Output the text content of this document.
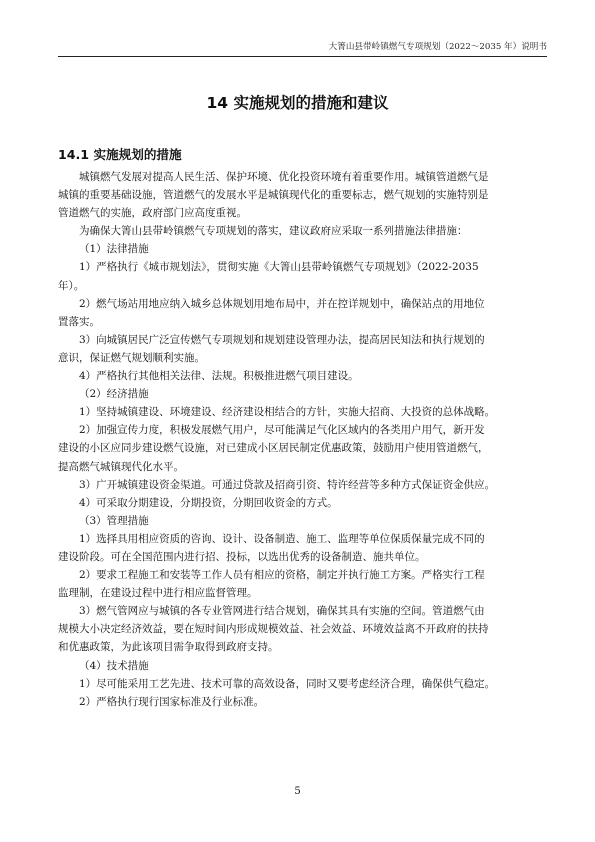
大箐山县带岭镇燃气专项规划（2022～2035 年）说明书
14 实施规划的措施和建议
14.1 实施规划的措施

城镇燃气发展对提高人民生活、保护环境、优化投资环境有着重要作用。城镇管道燃气是

城镇的重要基础设施，管道燃气的发展水平是城镇现代化的重要标志，燃气规划的实施特别是

管道燃气的实施，政府部门应高度重视。

为确保大箐山县带岭镇燃气专项规划的落实，建议政府应采取一系列措施法律措施：

（1）法律措施

1）严格执行《城市规划法》，贯彻实施《大箐山县带岭镇燃气专项规划》（2022-2035

年）。

2）燃气场站用地应纳入城乡总体规划用地布局中，并在控详规划中，确保站点的用地位

置落实。

3）向城镇居民广泛宣传燃气专项规划和规划建设管理办法，提高居民知法和执行规划的

意识，保证燃气规划顺利实施。

4）严格执行其他相关法律、法规。积极推进燃气项目建设。

（2）经济措施

1）坚持城镇建设、环境建设、经济建设相结合的方针，实施大招商、大投资的总体战略。

2）加强宣传力度，积极发展燃气用户，尽可能满足气化区域内的各类用户用气，新开发

建设的小区应同步建设燃气设施，对已建成小区居民制定优惠政策，鼓励用户使用管道燃气，

提高燃气城镇现代化水平。

3）广开城镇建设资金渠道。可通过贷款及招商引资、特许经营等多种方式保证资金供应。

4）可采取分期建设，分期投资，分期回收资金的方式。

（3）管理措施

1）选择具用相应资质的咨询、设计、设备制造、施工、监理等单位保质保量完成不同的

建设阶段。可在全国范围内进行招、投标，以选出优秀的设备制造、施共单位。

2）要求工程施工和安装等工作人员有相应的资格，制定并执行施工方案。严格实行工程

监理制，在建设过程中进行相应监督管理。

3）燃气管网应与城镇的各专业管网进行结合规划，确保其具有实施的空间。管道燃气由

规模大小决定经济效益，要在短时间内形成规模效益、社会效益、环境效益离不开政府的扶持

和优惠政策，为此该项目需争取得到政府支持。

（4）技术措施

1）尽可能采用工艺先进、技术可靠的高效设备，同时又要考虑经济合理，确保供气稳定。

2）严格执行现行国家标准及行业标准。

5
